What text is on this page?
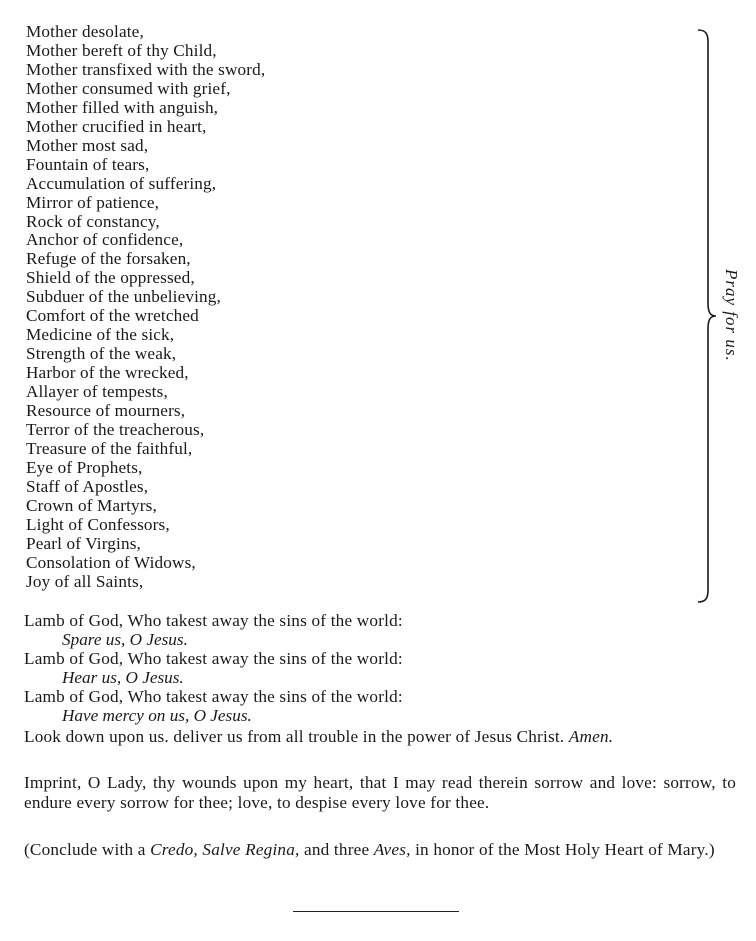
Mother desolate,
Mother bereft of thy Child,
Mother transfixed with the sword,
Mother consumed with grief,
Mother filled with anguish,
Mother crucified in heart,
Mother most sad,
Fountain of tears,
Accumulation of suffering,
Mirror of patience,
Rock of constancy,
Anchor of confidence,
Refuge of the forsaken,
Shield of the oppressed,
Subduer of the unbelieving,
Comfort of the wretched
Medicine of the sick,
Strength of the weak,
Harbor of the wrecked,
Allayer of tempests,
Resource of mourners,
Terror of the treacherous,
Treasure of the faithful,
Eye of Prophets,
Staff of Apostles,
Crown of Martyrs,
Light of Confessors,
Pearl of Virgins,
Consolation of Widows,
Joy of all Saints,
Pray for us.
Lamb of God, Who takest away the sins of the world:
Spare us, O Jesus.
Lamb of God, Who takest away the sins of the world:
Hear us, O Jesus.
Lamb of God, Who takest away the sins of the world:
Have mercy on us, O Jesus.
Look down upon us. deliver us from all trouble in the power of Jesus Christ. Amen.
Imprint, O Lady, thy wounds upon my heart, that I may read therein sorrow and love: sorrow, to endure every sorrow for thee; love, to despise every love for thee.
(Conclude with a Credo, Salve Regina, and three Aves, in honor of the Most Holy Heart of Mary.)
